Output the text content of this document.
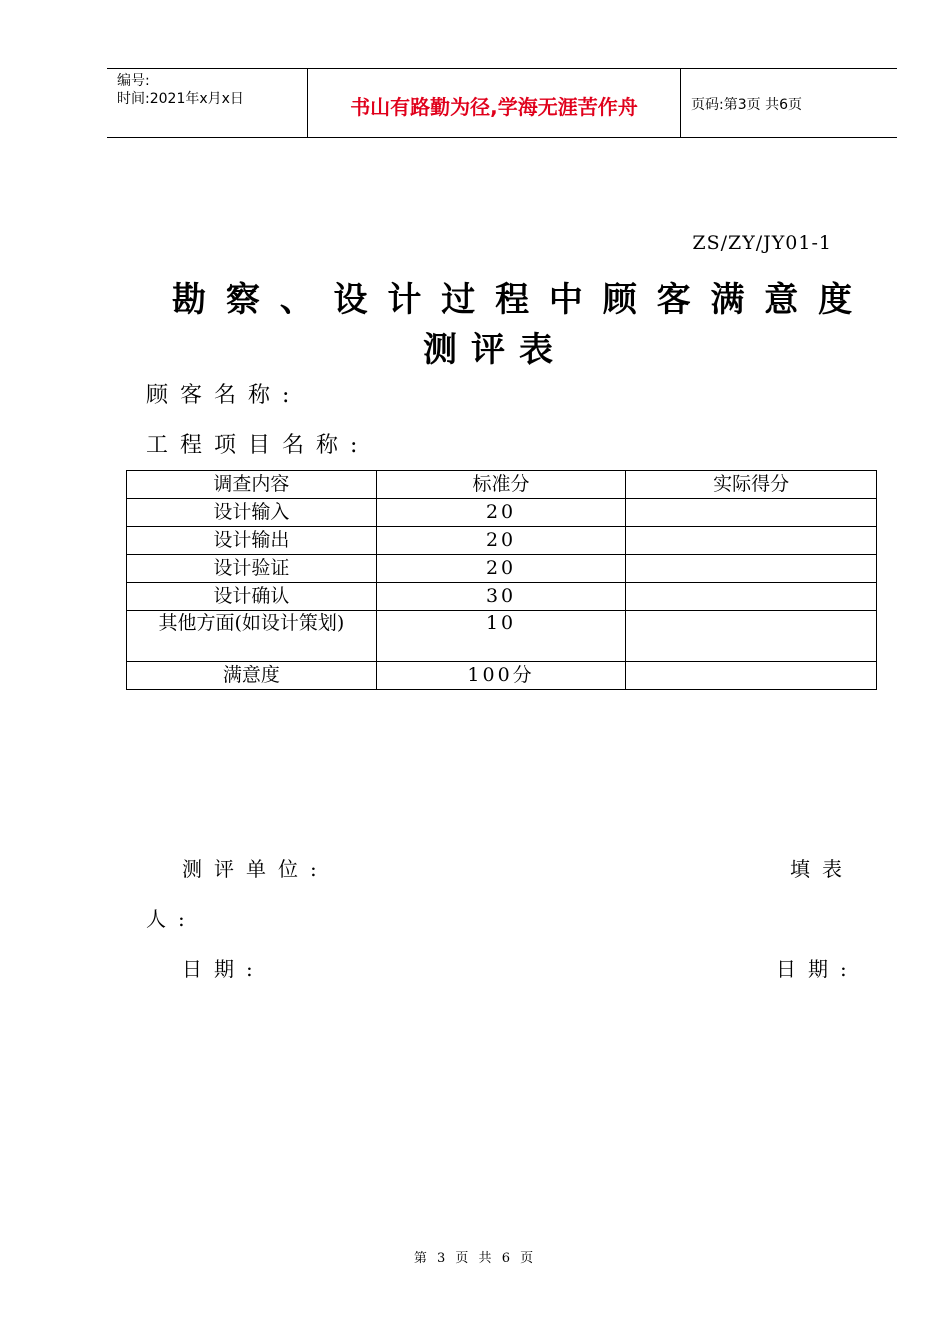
编号:
时间:2021年x月x日	书山有路勤为径,学海无涯苦作舟	页码:第3页 共6页
ZS/ZY/JY01-1
勘 察 、 设 计 过 程 中 顾 客 满 意 度
测评表
顾客名称:
工程项目名称:
调查内容	标准分	实际得分
设计输入	20	
设计输出	20	
设计验证	20	
设计确认	30	
其他方面(如设计策划)	10	
满意度	100分	
测评单位:	填表
人:
日期:	日期:
第 3 页 共 6 页
